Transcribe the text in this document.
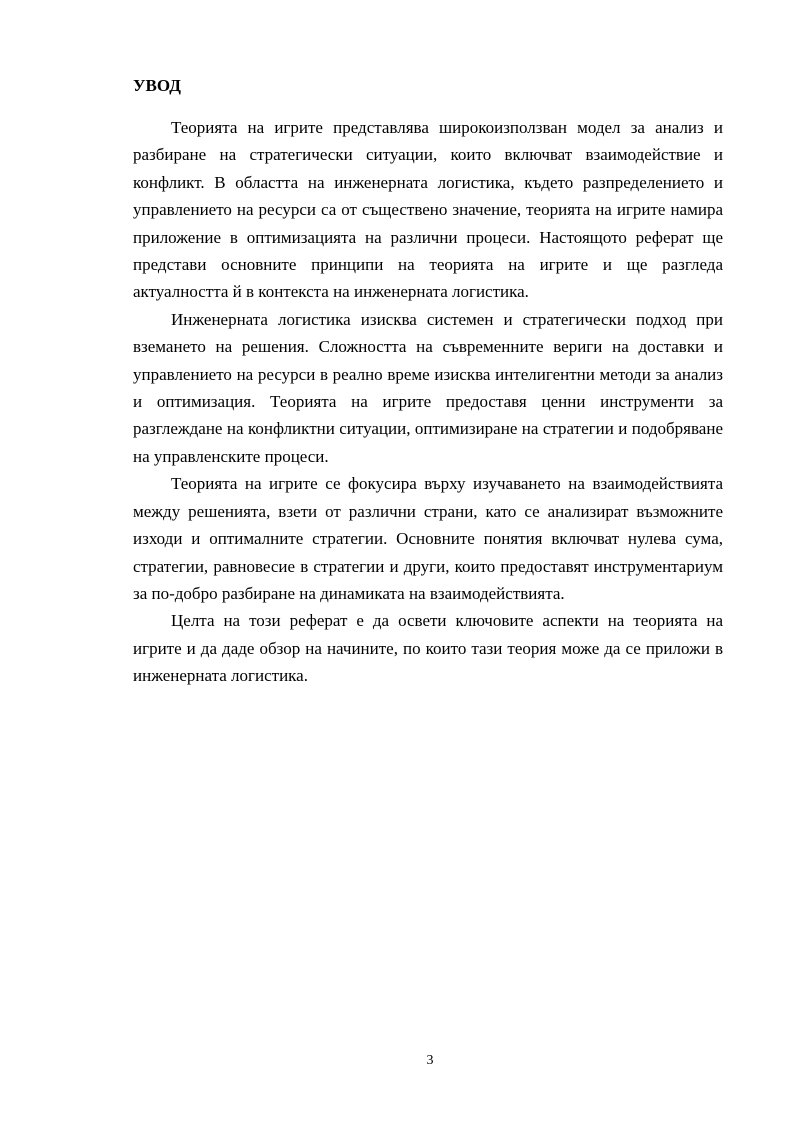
УВОД

Теорията на игрите представлява широкоизползван модел за анализ и разбиране на стратегически ситуации, които включват взаимодействие и конфликт. В областта на инженерната логистика, където разпределението и управлението на ресурси са от съществено значение, теорията на игрите намира приложение в оптимизацията на различни процеси. Настоящото реферат ще представи основните принципи на теорията на игрите и ще разгледа актуалността й в контекста на инженерната логистика.

Инженерната логистика изисква системен и стратегически подход при вземането на решения. Сложността на съвременните вериги на доставки и управлението на ресурси в реално време изисква интелигентни методи за анализ и оптимизация. Теорията на игрите предоставя ценни инструменти за разглеждане на конфликтни ситуации, оптимизиране на стратегии и подобряване на управленските процеси.

Теорията на игрите се фокусира върху изучаването на взаимодействията между решенията, взети от различни страни, като се анализират възможните изходи и оптималните стратегии. Основните понятия включват нулева сума, стратегии, равновесие в стратегии и други, които предоставят инструментариум за по-добро разбиране на динамиката на взаимодействията.

Целта на този реферат е да освети ключовите аспекти на теорията на игрите и да даде обзор на начините, по които тази теория може да се приложи в инженерната логистика.

3
